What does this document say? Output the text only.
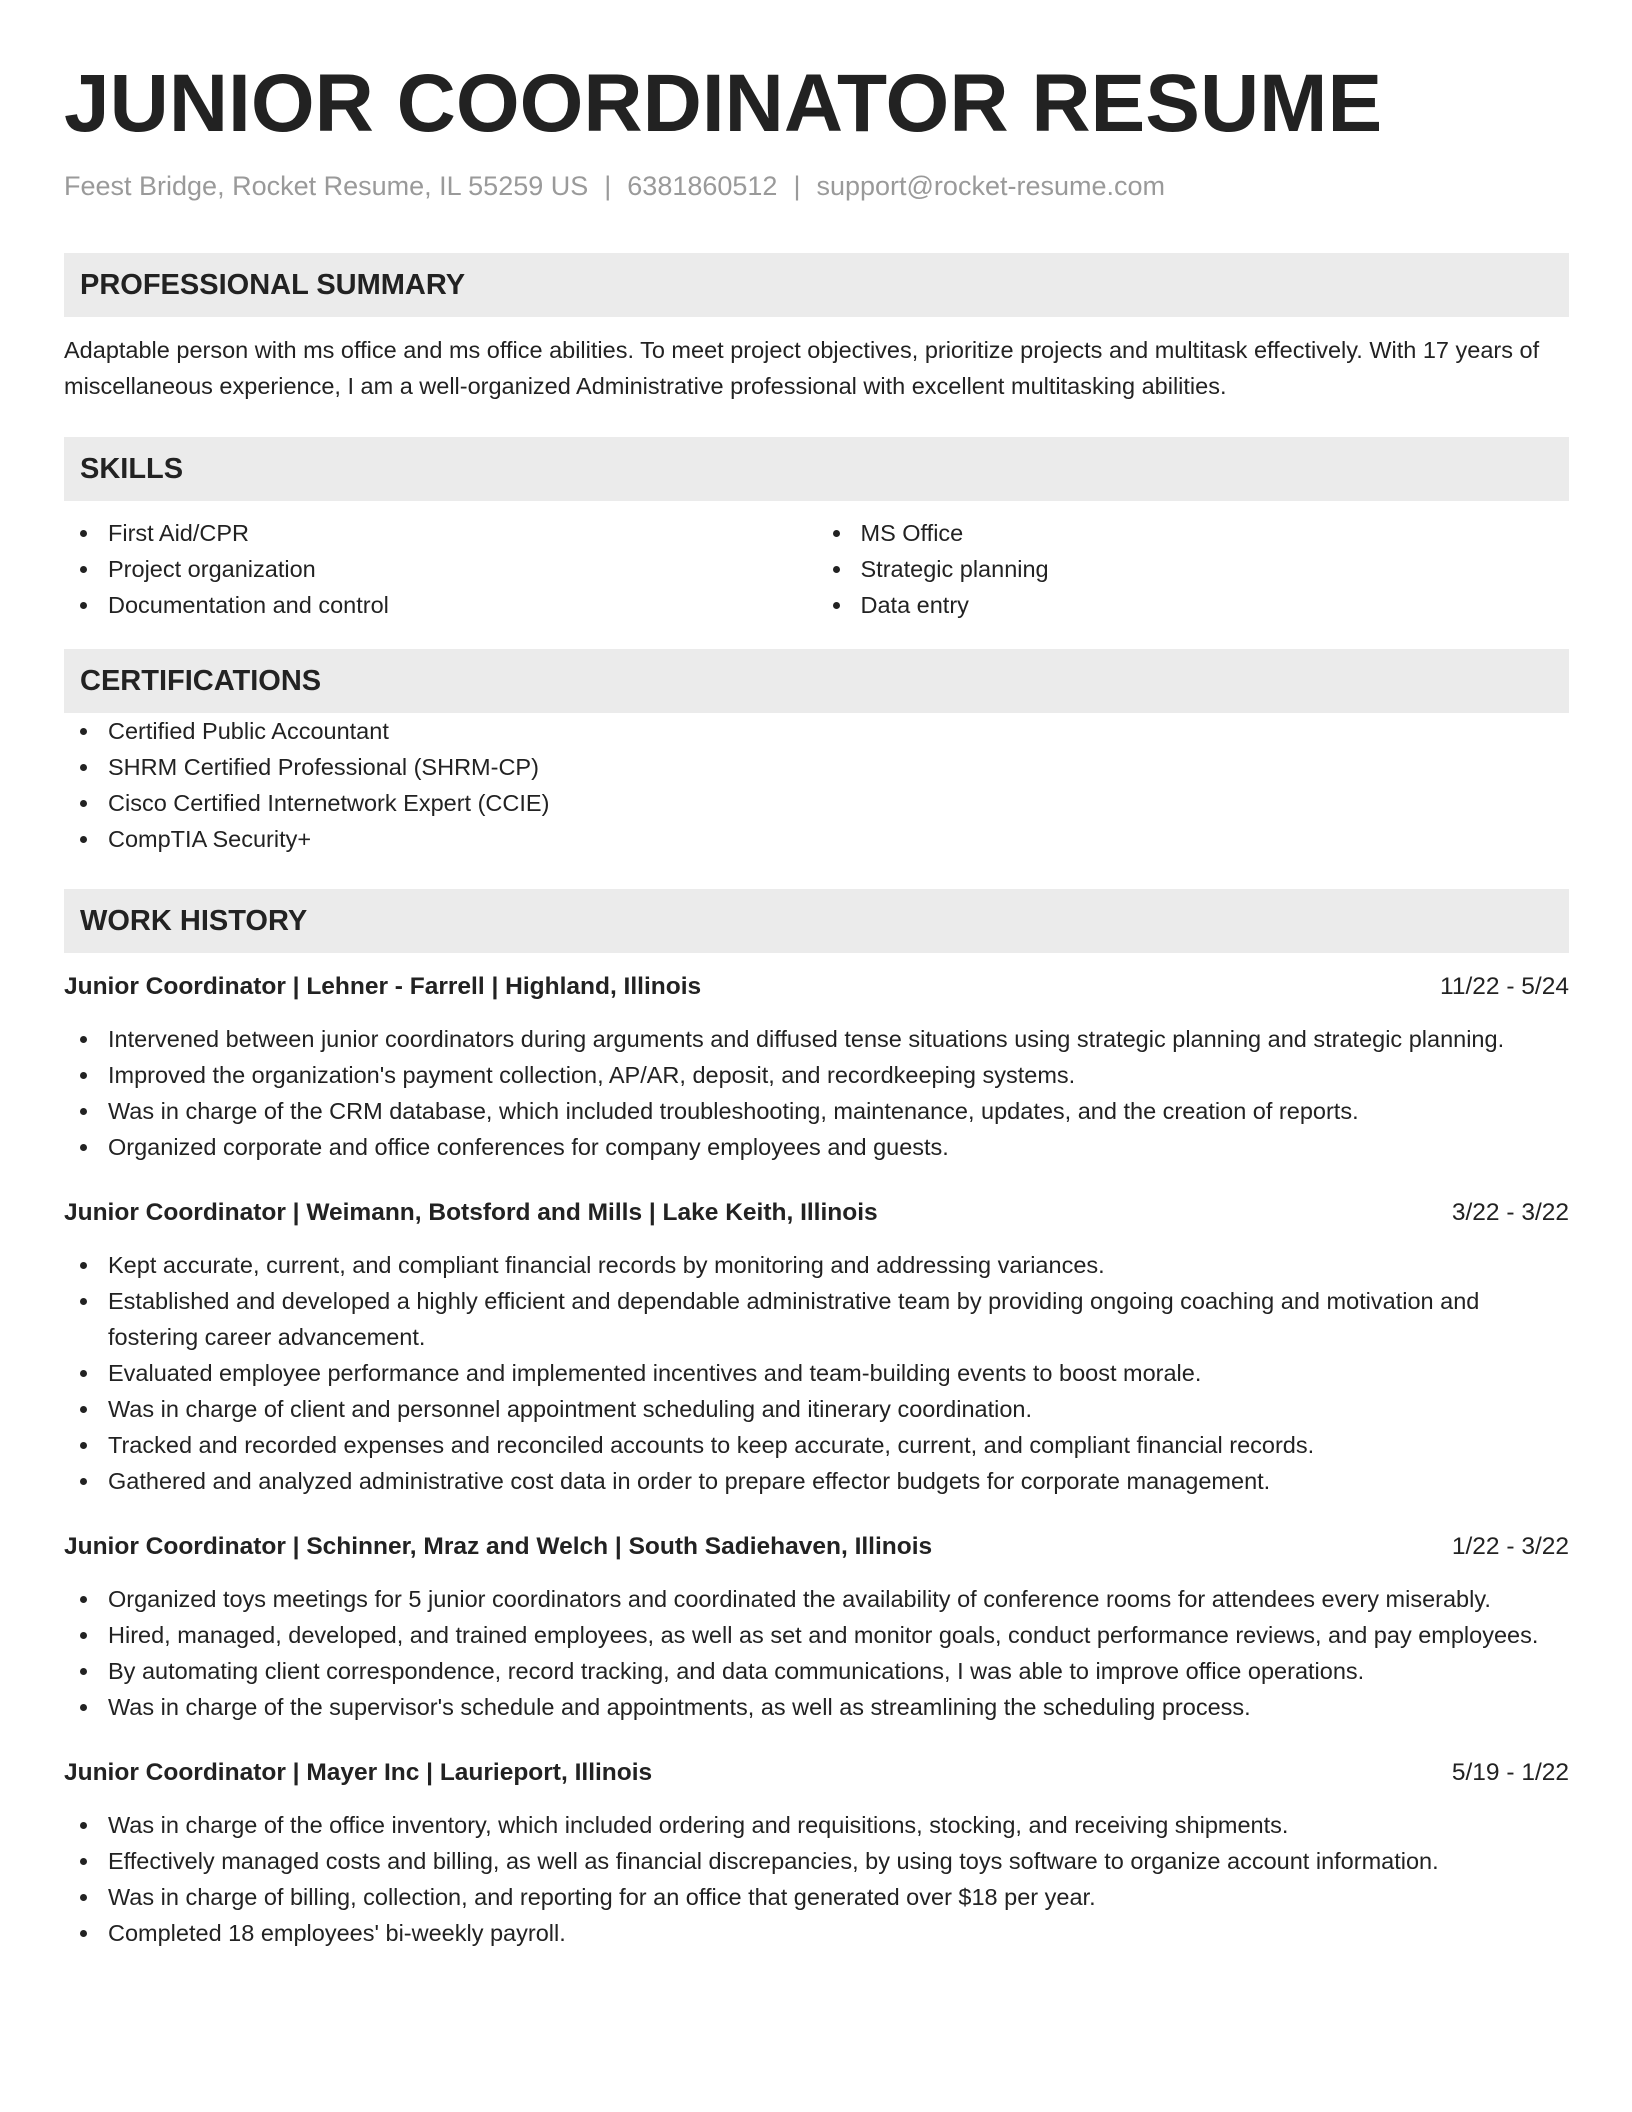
JUNIOR COORDINATOR RESUME
Feest Bridge, Rocket Resume, IL 55259 US | 6381860512 | support@rocket-resume.com
PROFESSIONAL SUMMARY
Adaptable person with ms office and ms office abilities. To meet project objectives, prioritize projects and multitask effectively. With 17 years of miscellaneous experience, I am a well-organized Administrative professional with excellent multitasking abilities.
SKILLS
First Aid/CPR
Project organization
Documentation and control
MS Office
Strategic planning
Data entry
CERTIFICATIONS
Certified Public Accountant
SHRM Certified Professional (SHRM-CP)
Cisco Certified Internetwork Expert (CCIE)
CompTIA Security+
WORK HISTORY
Junior Coordinator | Lehner - Farrell | Highland, Illinois	11/22 - 5/24
Intervened between junior coordinators during arguments and diffused tense situations using strategic planning and strategic planning.
Improved the organization's payment collection, AP/AR, deposit, and recordkeeping systems.
Was in charge of the CRM database, which included troubleshooting, maintenance, updates, and the creation of reports.
Organized corporate and office conferences for company employees and guests.
Junior Coordinator | Weimann, Botsford and Mills | Lake Keith, Illinois	3/22 - 3/22
Kept accurate, current, and compliant financial records by monitoring and addressing variances.
Established and developed a highly efficient and dependable administrative team by providing ongoing coaching and motivation and fostering career advancement.
Evaluated employee performance and implemented incentives and team-building events to boost morale.
Was in charge of client and personnel appointment scheduling and itinerary coordination.
Tracked and recorded expenses and reconciled accounts to keep accurate, current, and compliant financial records.
Gathered and analyzed administrative cost data in order to prepare effector budgets for corporate management.
Junior Coordinator | Schinner, Mraz and Welch | South Sadiehaven, Illinois	1/22 - 3/22
Organized toys meetings for 5 junior coordinators and coordinated the availability of conference rooms for attendees every miserably.
Hired, managed, developed, and trained employees, as well as set and monitor goals, conduct performance reviews, and pay employees.
By automating client correspondence, record tracking, and data communications, I was able to improve office operations.
Was in charge of the supervisor's schedule and appointments, as well as streamlining the scheduling process.
Junior Coordinator | Mayer Inc | Laurieport, Illinois	5/19 - 1/22
Was in charge of the office inventory, which included ordering and requisitions, stocking, and receiving shipments.
Effectively managed costs and billing, as well as financial discrepancies, by using toys software to organize account information.
Was in charge of billing, collection, and reporting for an office that generated over $18 per year.
Completed 18 employees' bi-weekly payroll.
